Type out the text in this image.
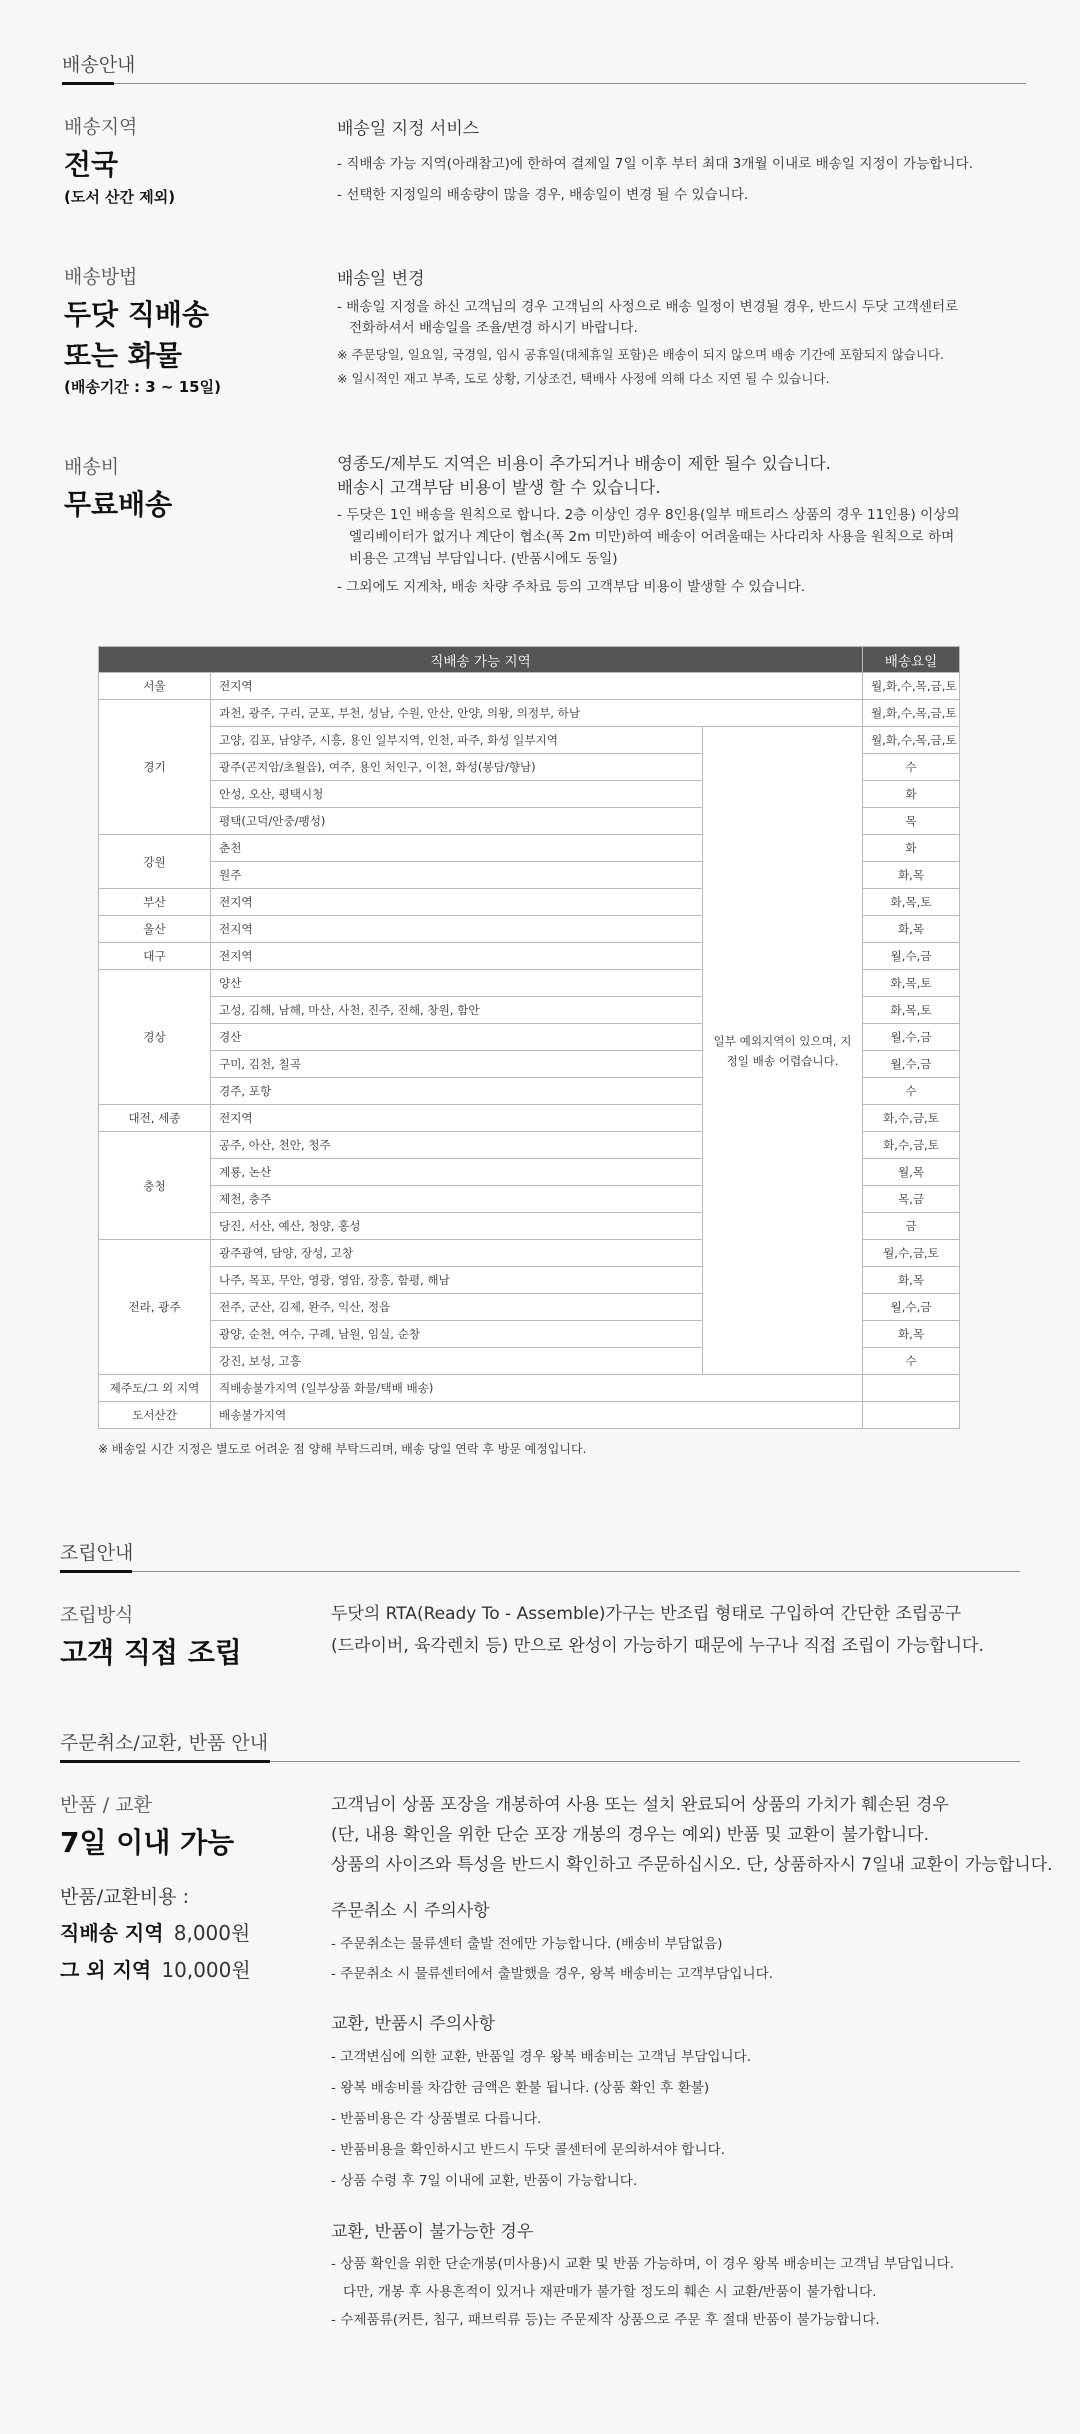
배송안내
배송지역
전국
(도서 산간 제외)
배송일 지정 서비스
- 직배송 가능 지역(아래참고)에 한하여 결제일 7일 이후 부터 최대 3개월 이내로 배송일 지정이 가능합니다.
- 선택한 지정일의 배송량이 많을 경우, 배송일이 변경 될 수 있습니다.
배송방법
두닷 직배송
또는 화물
(배송기간 : 3 ~ 15일)
배송일 변경
- 배송일 지정을 하신 고객님의 경우 고객님의 사정으로 배송 일정이 변경될 경우, 반드시 두닷 고객센터로
전화하셔서 배송일을 조율/변경 하시기 바랍니다.
※ 주문당일, 일요일, 국경일, 임시 공휴일(대체휴일 포함)은 배송이 되지 않으며 배송 기간에 포함되지 않습니다.
※ 일시적인 재고 부족, 도로 상황, 기상조건, 택배사 사정에 의해 다소 지연 될 수 있습니다.
배송비
무료배송
영종도/제부도 지역은 비용이 추가되거나 배송이 제한 될수 있습니다.
배송시 고객부담 비용이 발생 할 수 있습니다.
- 두닷은 1인 배송을 원칙으로 합니다. 2층 이상인 경우 8인용(일부 매트리스 상품의 경우 11인용) 이상의
엘리베이터가 없거나 계단이 협소(폭 2m 미만)하여 배송이 어려울때는 사다리차 사용을 원칙으로 하며
비용은 고객님 부담입니다. (반품시에도 동일)
- 그외에도 지게차, 배송 차량 주차료 등의 고객부담 비용이 발생할 수 있습니다.
직배송 가능 지역			배송요일
서울	전지역		월,화,수,목,금,토
경기	과천, 광주, 구리, 군포, 부천, 성남, 수원, 안산, 안양, 의왕, 의정부, 하남		월,화,수,목,금,토
	고양, 김포, 남양주, 시흥, 용인 일부지역, 인천, 파주, 화성 일부지역	일부 예외지역이 있으며, 지정일 배송 어렵습니다.	월,화,수,목,금,토
	광주(곤지암/초월읍), 여주, 용인 처인구, 이천, 화성(봉담/향남)		수
	안성, 오산, 평택시청		화
	평택(고덕/안중/팽성)		목
강원	춘천		화
	원주		화,목
부산	전지역		화,목,토
울산	전지역		화,목
대구	전지역		월,수,금
경상	양산		화,목,토
	고성, 김해, 남해, 마산, 사천, 진주, 진해, 창원, 함안		화,목,토
	경산		월,수,금
	구미, 김천, 칠곡		월,수,금
	경주, 포항		수
대전, 세종	전지역		화,수,금,토
충청	공주, 아산, 천안, 청주		화,수,금,토
	계룡, 논산		월,목
	제천, 충주		목,금
	당진, 서산, 예산, 청양, 홍성		금
전라, 광주	광주광역, 담양, 장성, 고창		월,수,금,토
	나주, 목포, 무안, 영광, 영암, 장흥, 함평, 해남		화,목
	전주, 군산, 김제, 완주, 익산, 정읍		월,수,금
	광양, 순천, 여수, 구례, 남원, 임실, 순창		화,목
	강진, 보성, 고흥		수
제주도/그 외 지역	직배송불가지역 (일부상품 화물/택배 배송)		
도서산간	배송불가지역		
※ 배송일 시간 지정은 별도로 어려운 점 양해 부탁드리며, 배송 당일 연락 후 방문 예정입니다.
조립안내
조립방식
고객 직접 조립
두닷의 RTA(Ready To - Assemble)가구는 반조립 형태로 구입하여 간단한 조립공구
(드라이버, 육각렌치 등) 만으로 완성이 가능하기 때문에 누구나 직접 조립이 가능합니다.
주문취소/교환, 반품 안내
반품 / 교환
7일 이내 가능
반품/교환비용 :
직배송 지역 8,000원
그 외 지역 10,000원
고객님이 상품 포장을 개봉하여 사용 또는 설치 완료되어 상품의 가치가 훼손된 경우
(단, 내용 확인을 위한 단순 포장 개봉의 경우는 예외) 반품 및 교환이 불가합니다.
상품의 사이즈와 특성을 반드시 확인하고 주문하십시오. 단, 상품하자시 7일내 교환이 가능합니다.
주문취소 시 주의사항
- 주문취소는 물류센터 출발 전에만 가능합니다. (배송비 부담없음)
- 주문취소 시 물류센터에서 출발했을 경우, 왕복 배송비는 고객부담입니다.
교환, 반품시 주의사항
- 고객변심에 의한 교환, 반품일 경우 왕복 배송비는 고객님 부담입니다.
- 왕복 배송비를 차감한 금액은 환불 됩니다. (상품 확인 후 환불)
- 반품비용은 각 상품별로 다릅니다.
- 반품비용을 확인하시고 반드시 두닷 콜센터에 문의하셔야 합니다.
- 상품 수령 후 7일 이내에 교환, 반품이 가능합니다.
교환, 반품이 불가능한 경우
- 상품 확인을 위한 단순개봉(미사용)시 교환 및 반품 가능하며, 이 경우 왕복 배송비는 고객님 부담입니다.
다만, 개봉 후 사용흔적이 있거나 재판매가 불가할 정도의 훼손 시 교환/반품이 불가합니다.
- 수제품류(커튼, 침구, 패브릭류 등)는 주문제작 상품으로 주문 후 절대 반품이 불가능합니다.
